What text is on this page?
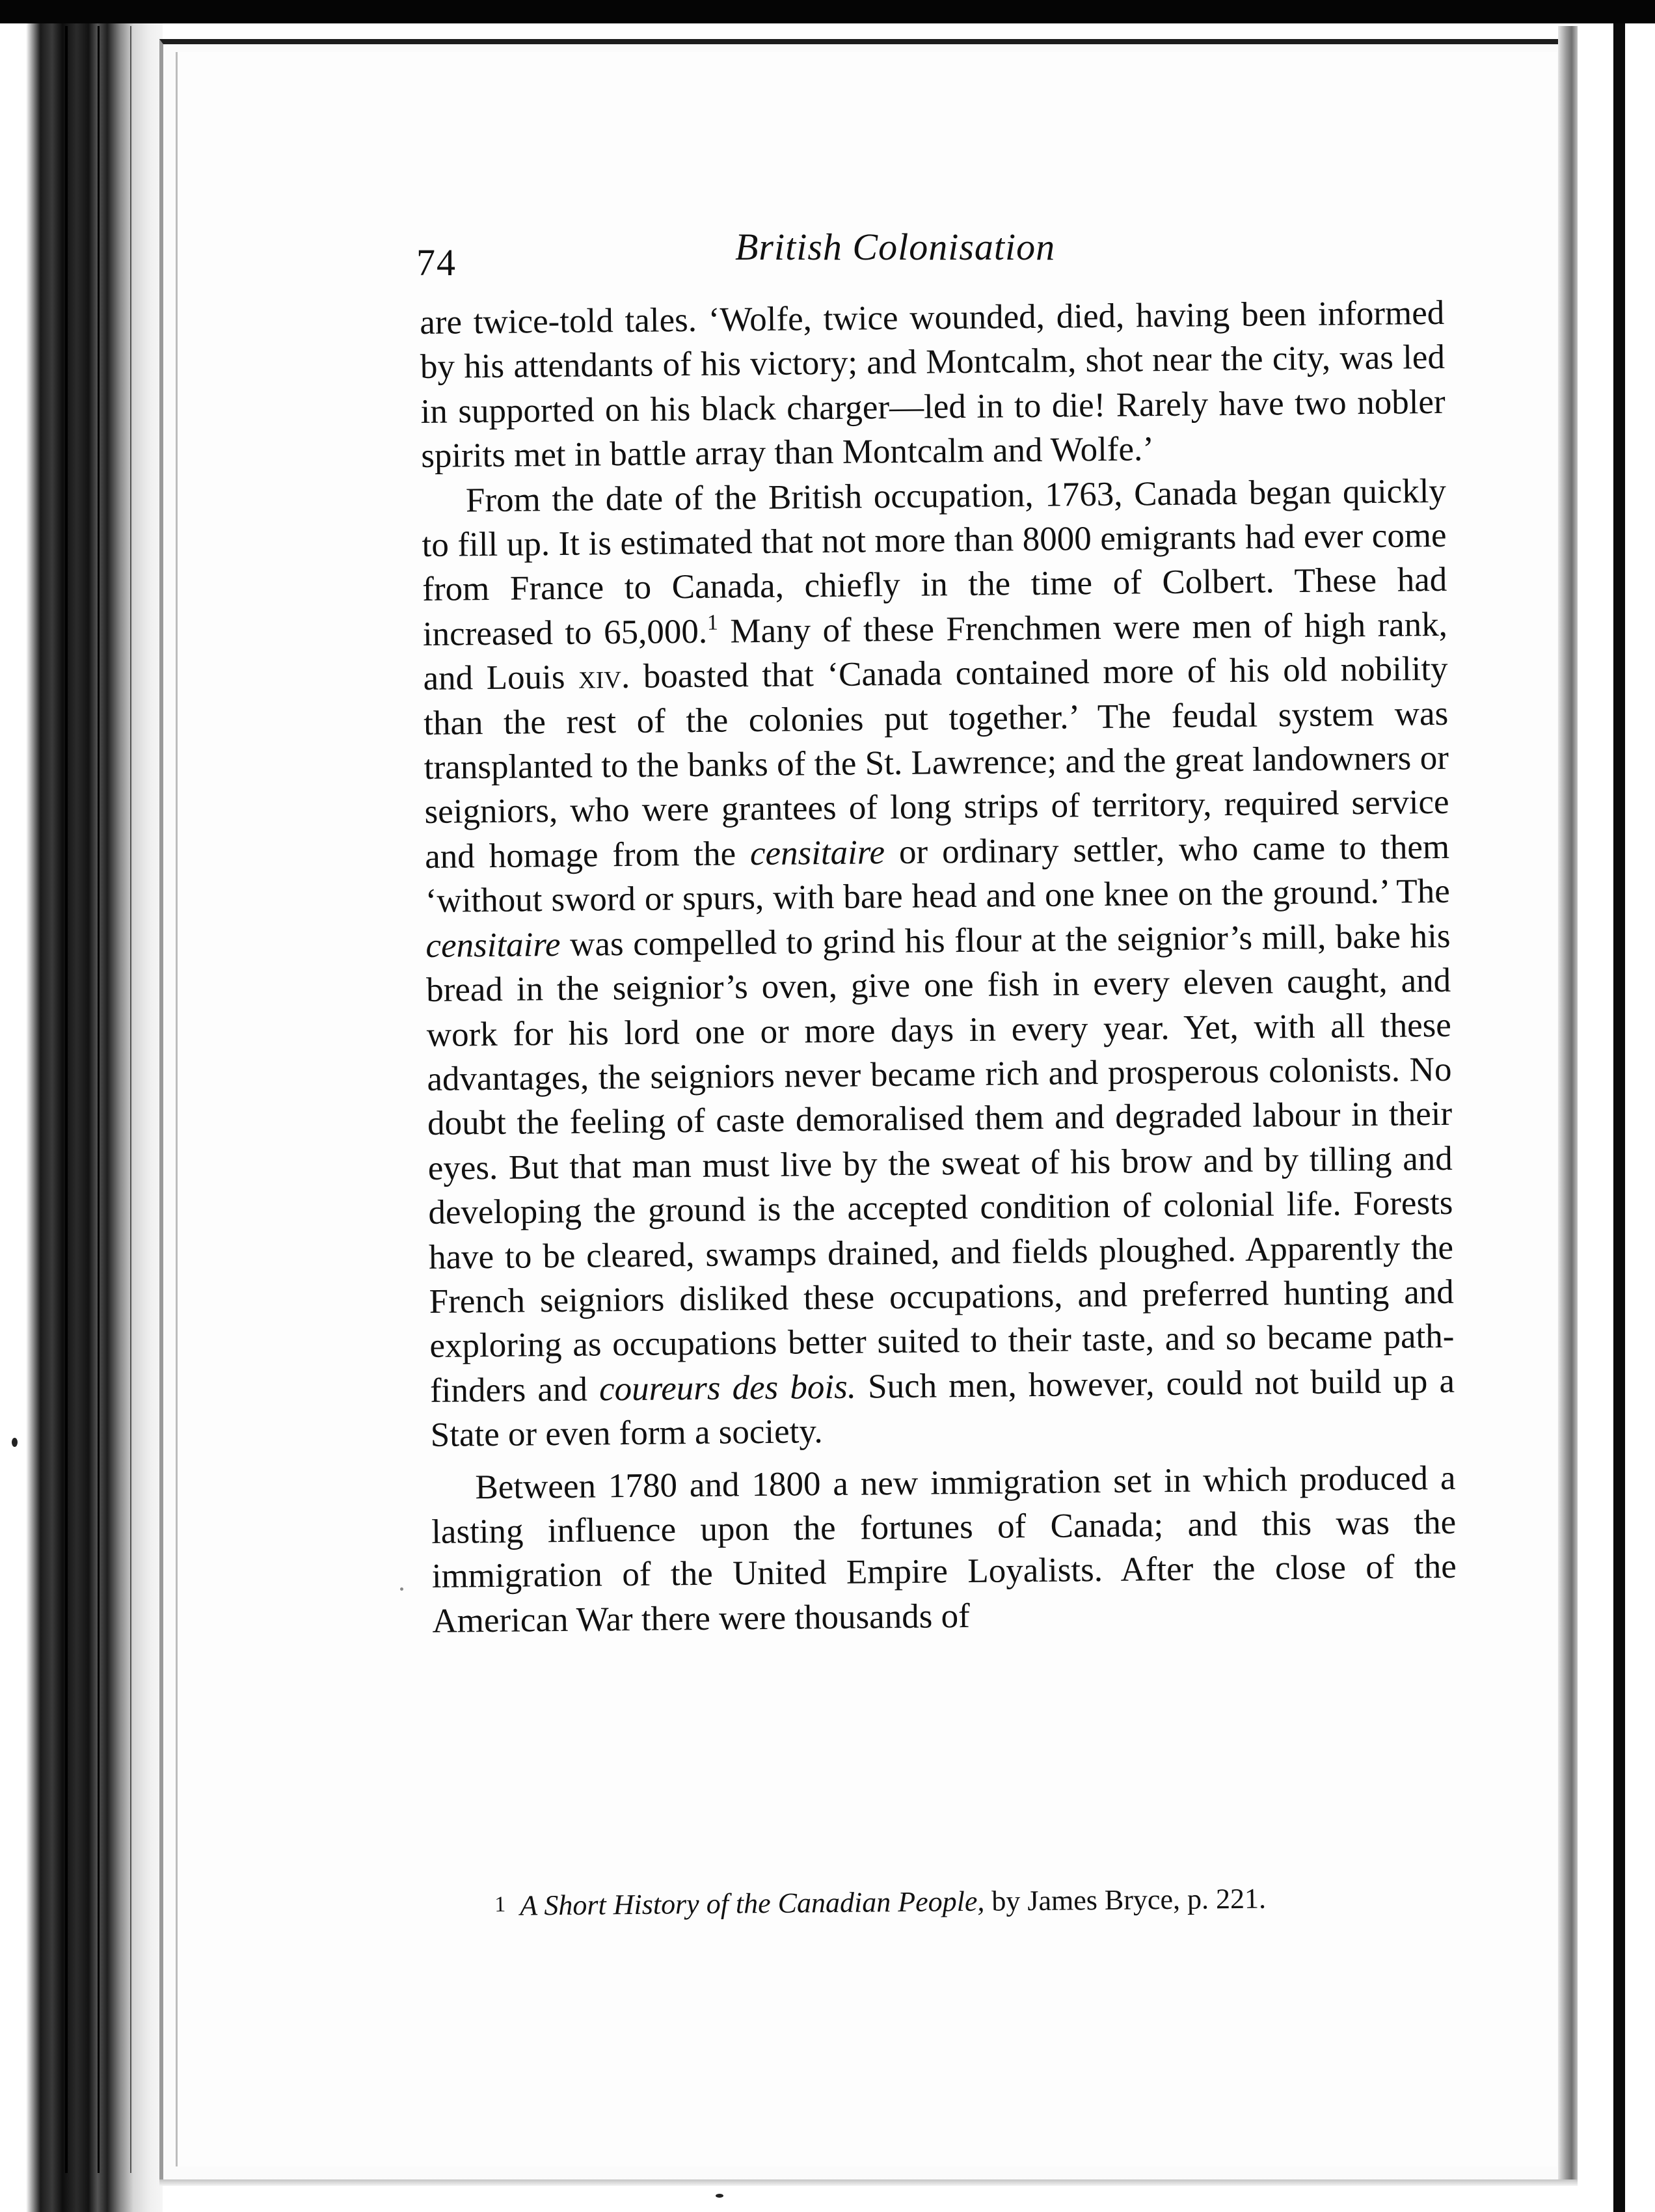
74	British Colonisation

are twice-told tales. ‘Wolfe, twice wounded, died, having been informed by his attendants of his victory; and Montcalm, shot near the city, was led in supported on his black charger—led in to die! Rarely have two nobler spirits met in battle array than Montcalm and Wolfe.’

From the date of the British occupation, 1763, Canada began quickly to fill up. It is estimated that not more than 8000 emigrants had ever come from France to Canada, chiefly in the time of Colbert. These had increased to 65,000.$^1$ Many of these Frenchmen were men of high rank, and Louis xiv. boasted that ‘Canada contained more of his old nobility than the rest of the colonies put together.’ The feudal system was transplanted to the banks of the St. Lawrence; and the great landowners or seigniors, who were grantees of long strips of territory, required service and homage from the censitaire or ordinary settler, who came to them ‘without sword or spurs, with bare head and one knee on the ground.’ The censitaire was compelled to grind his flour at the seignior’s mill, bake his bread in the seignior’s oven, give one fish in every eleven caught, and work for his lord one or more days in every year. Yet, with all these advantages, the seigniors never became rich and prosperous colonists. No doubt the feeling of caste demoralised them and degraded labour in their eyes. But that man must live by the sweat of his brow and by tilling and developing the ground is the accepted condition of colonial life. Forests have to be cleared, swamps drained, and fields ploughed. Apparently the French seigniors disliked these occupations, and preferred hunting and exploring as occupations better suited to their taste, and so became path-finders and coureurs des bois. Such men, however, could not build up a State or even form a society.

Between 1780 and 1800 a new immigration set in which produced a lasting influence upon the fortunes of Canada; and this was the immigration of the United Empire Loyalists. After the close of the American War there were thousands of

1 A Short History of the Canadian People, by James Bryce, p. 221.
